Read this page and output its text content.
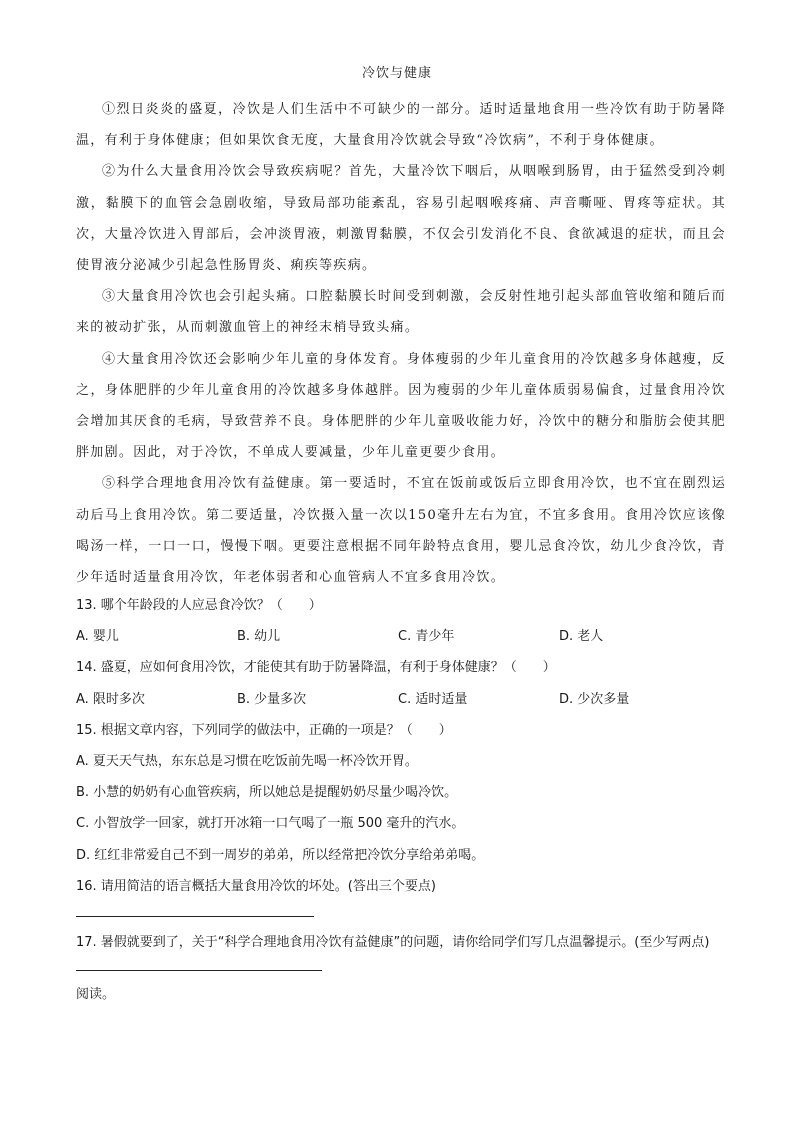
冷饮与健康

①烈日炎炎的盛夏，冷饮是人们生活中不可缺少的一部分。适时适量地食用一些冷饮有助于防暑降温，有利于身体健康；但如果饮食无度，大量食用冷饮就会导致“冷饮病”，不利于身体健康。

②为什么大量食用冷饮会导致疾病呢？首先，大量冷饮下咽后，从咽喉到肠胃，由于猛然受到冷刺激，黏膜下的血管会急剧收缩，导致局部功能紊乱，容易引起咽喉疼痛、声音嘶哑、胃疼等症状。其次，大量冷饮进入胃部后，会冲淡胃液，刺激胃黏膜，不仅会引发消化不良、食欲减退的症状，而且会使胃液分泌减少引起急性肠胃炎、痢疾等疾病。

③大量食用冷饮也会引起头痛。口腔黏膜长时间受到刺激，会反射性地引起头部血管收缩和随后而来的被动扩张，从而刺激血管上的神经末梢导致头痛。

④大量食用冷饮还会影响少年儿童的身体发育。身体瘦弱的少年儿童食用的冷饮越多身体越瘦，反之，身体肥胖的少年儿童食用的冷饮越多身体越胖。因为瘦弱的少年儿童体质弱易偏食，过量食用冷饮会增加其厌食的毛病，导致营养不良。身体肥胖的少年儿童吸收能力好，冷饮中的糖分和脂肪会使其肥胖加剧。因此，对于冷饮，不单成人要减量，少年儿童更要少食用。

⑤科学合理地食用冷饮有益健康。第一要适时，不宜在饭前或饭后立即食用冷饮，也不宜在剧烈运动后马上食用冷饮。第二要适量，冷饮摄入量一次以150毫升左右为宜，不宜多食用。食用冷饮应该像喝汤一样，一口一口，慢慢下咽。更要注意根据不同年龄特点食用，婴儿忌食冷饮，幼儿少食冷饮，青少年适时适量食用冷饮，年老体弱者和心血管病人不宜多食用冷饮。

13. 哪个年龄段的人应忌食冷饮？（　　）
A. 婴儿	B. 幼儿	C. 青少年	D. 老人
14. 盛夏，应如何食用冷饮，才能使其有助于防暑降温，有利于身体健康？（　　）
A. 限时多次	B. 少量多次	C. 适时适量	D. 少次多量
15. 根据文章内容，下列同学的做法中，正确的一项是？（　　）
A. 夏天天气热，东东总是习惯在吃饭前先喝一杯冷饮开胃。
B. 小慧的奶奶有心血管疾病，所以她总是提醒奶奶尽量少喝冷饮。
C. 小智放学一回家，就打开冰箱一口气喝了一瓶 500 毫升的汽水。
D. 红红非常爱自己不到一周岁的弟弟，所以经常把冷饮分享给弟弟喝。
16. 请用简洁的语言概括大量食用冷饮的坏处。(答出三个要点)
17. 暑假就要到了，关于“科学合理地食用冷饮有益健康”的问题，请你给同学们写几点温馨提示。(至少写两点)
阅读。
